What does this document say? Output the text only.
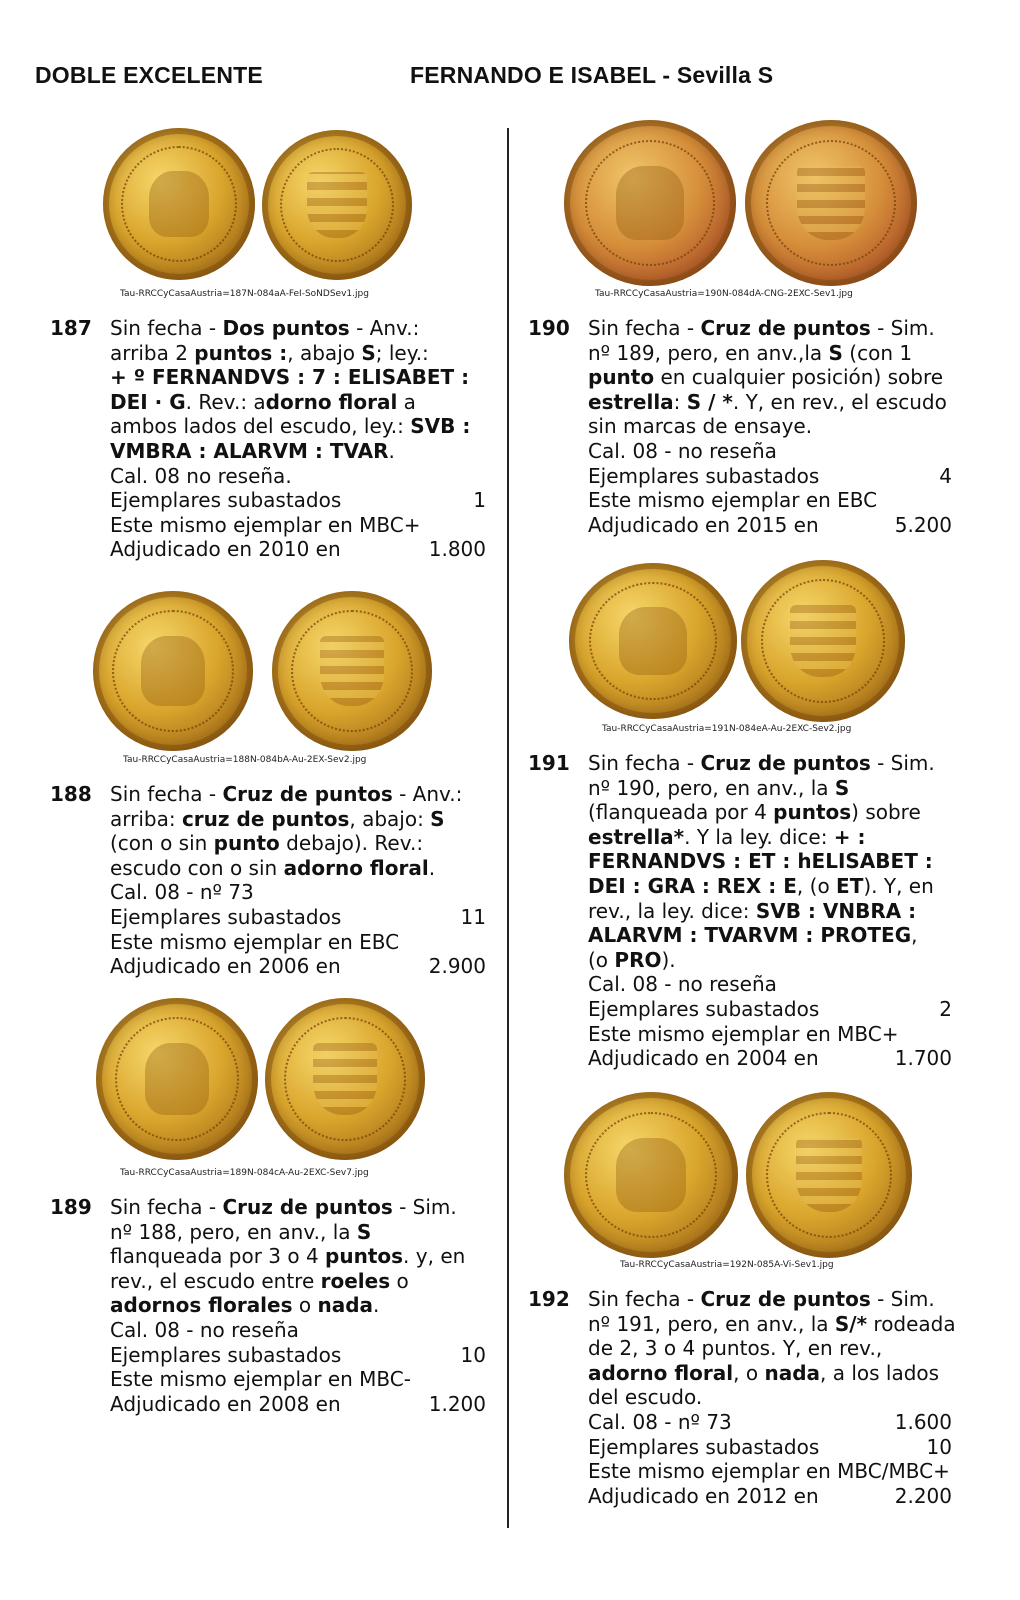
DOBLE EXCELENTE	FERNANDO E ISABEL - Sevilla S
Tau-RRCCyCasaAustria=187N-084aA-FeI-SoNDSev1.jpg
187 Sin fecha - Dos puntos - Anv.:
arriba 2 puntos :, abajo S; ley.:
+ º FERNANDVS : 7 : ELISABET :
DEI · G. Rev.: adorno floral a
ambos lados del escudo, ley.: SVB :
VMBRA : ALARVM : TVAR.
Cal. 08 no reseña.
Ejemplares subastados	1
Este mismo ejemplar en MBC+
Adjudicado en 2010 en	1.800
Tau-RRCCyCasaAustria=188N-084bA-Au-2EX-Sev2.jpg
188 Sin fecha - Cruz de puntos - Anv.:
arriba: cruz de puntos, abajo: S
(con o sin punto debajo). Rev.:
escudo con o sin adorno floral.
Cal. 08 - nº 73
Ejemplares subastados	11
Este mismo ejemplar en EBC
Adjudicado en 2006 en	2.900
Tau-RRCCyCasaAustria=189N-084cA-Au-2EXC-Sev7.jpg
189 Sin fecha - Cruz de puntos - Sim.
nº 188, pero, en anv., la S
flanqueada por 3 o 4 puntos. y, en
rev., el escudo entre roeles o
adornos florales o nada.
Cal. 08 - no reseña
Ejemplares subastados	10
Este mismo ejemplar en MBC-
Adjudicado en 2008 en	1.200
Tau-RRCCyCasaAustria=190N-084dA-CNG-2EXC-Sev1.jpg
190 Sin fecha - Cruz de puntos - Sim.
nº 189, pero, en anv.,la S (con 1
punto en cualquier posición) sobre
estrella: S / *. Y, en rev., el escudo
sin marcas de ensaye.
Cal. 08 - no reseña
Ejemplares subastados	4
Este mismo ejemplar en EBC
Adjudicado en 2015 en	5.200
Tau-RRCCyCasaAustria=191N-084eA-Au-2EXC-Sev2.jpg
191 Sin fecha - Cruz de puntos - Sim.
nº 190, pero, en anv., la S
(flanqueada por 4 puntos) sobre
estrella*. Y la ley. dice: + :
FERNANDVS : ET : hELISABET :
DEI : GRA : REX : E, (o ET). Y, en
rev., la ley. dice: SVB : VNBRA :
ALARVM : TVARVM : PROTEG,
(o PRO).
Cal. 08 - no reseña
Ejemplares subastados	2
Este mismo ejemplar en MBC+
Adjudicado en 2004 en	1.700
Tau-RRCCyCasaAustria=192N-085A-Vi-Sev1.jpg
192 Sin fecha - Cruz de puntos - Sim.
nº 191, pero, en anv., la S/* rodeada
de 2, 3 o 4 puntos. Y, en rev.,
adorno floral, o nada, a los lados
del escudo.
Cal. 08 - nº 73	1.600
Ejemplares subastados	10
Este mismo ejemplar en MBC/MBC+
Adjudicado en 2012 en	2.200
